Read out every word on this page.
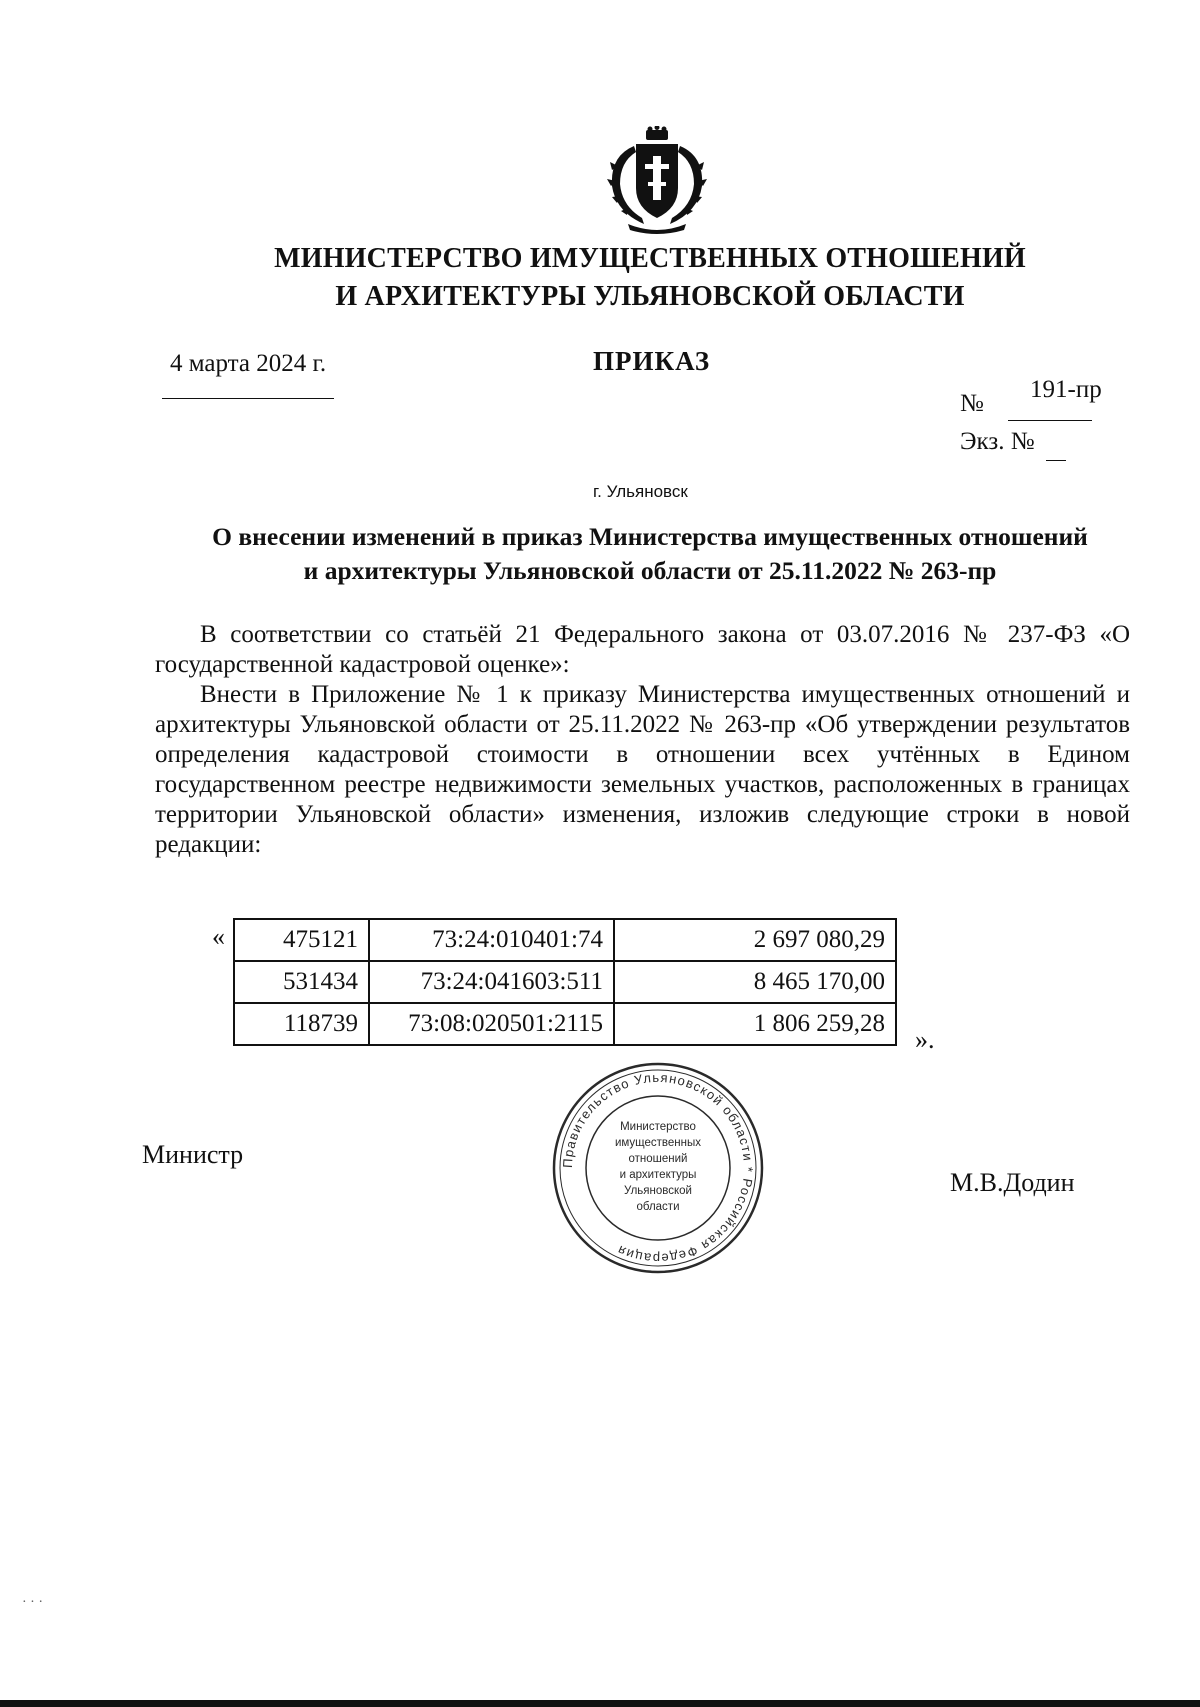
МИНИСТЕРСТВО ИМУЩЕСТВЕННЫХ ОТНОШЕНИЙ
И АРХИТЕКТУРЫ УЛЬЯНОВСКОЙ ОБЛАСТИ
4 марта 2024 г.	ПРИКАЗ
№
191-пр
Экз. №
г. Ульяновск
О внесении изменений в приказ Министерства имущественных отношений
и архитектуры Ульяновской области от 25.11.2022 № 263-пр

В соответствии со статьёй 21 Федерального закона от 03.07.2016 № 237-ФЗ «О государственной кадастровой оценке»:

Внести в Приложение № 1 к приказу Министерства имущественных отношений и архитектуры Ульяновской области от 25.11.2022 № 263-пр «Об утверждении результатов определения кадастровой стоимости в отношении всех учтённых в Едином государственном реестре недвижимости земельных участков, расположенных в границах территории Ульяновской области» изменения, изложив следующие строки в новой редакции:

« 475121	73:24:010401:74	2 697 080,29
531434	73:24:041603:511	8 465 170,00
118739	73:08:020501:2115	1 806 259,28
».
Министр
М.В.Додин
Правительство Ульяновской области * Российская Федерация
Министерство
имущественных
отношений
и архитектуры
Ульяновской
области
· · ·
